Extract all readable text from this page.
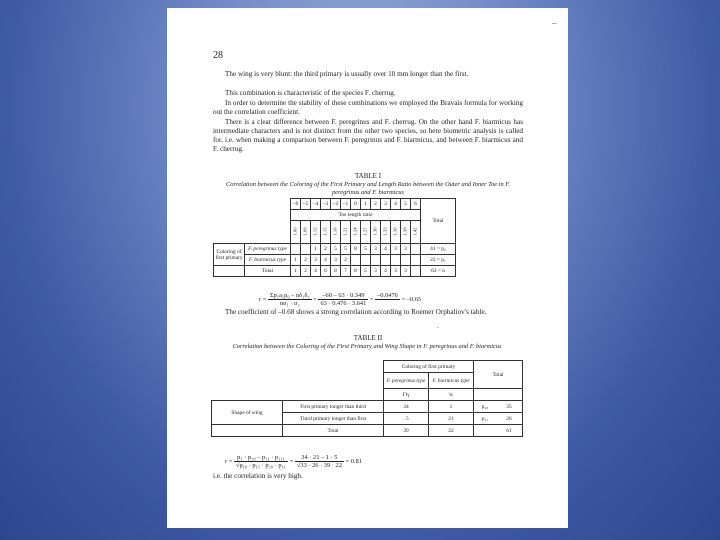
–
28
The wing is very blunt: the third primary is usually over 10 mm longer than the first.
This combination is characteristic of the species F. cherrug.
In order to determine the stability of these combinations we employed the Bravais formula for working out the correlation coefficient.
There is a clear difference between F. peregrinus and F. cherrug. On the other hand F. biarmicus has intermediate characters and is not distinct from the other two species, so here biometric analysis is called for, i.e. when making a comparison between F. peregrinus and F. biarmicus, and between F. biarmicus and F. cherrug.
TABLE I
Correlation between the Coloring of the First Primary and Length Ratio between the Outer and Inner Toe in F. peregrinus and F. biarmicus
		–6	–5	–4	–3	–2	–1	0	1	2	3	4	5	6	Total
		Toe length ratio													
		1.06	1.09	1.12	1.15	1.18	1.21	1.24	1.27	1.30	1.33	1.36	1.39	1.42	
Coloring of first primary	F. peregrinus type			1	2	5	5	8	5	3	4	3	3		41 = p₀
	F. biarmicus type	1	2	3	4	3	2								22 = p₁
	Total	1	2	4	6	8	7	8	5	3	4	3	3		63 = n
$r = \frac{\text{Σp₁a₁p₀ – nδ₁δ₂}}{\text{nσ₁ · σ₂}} = \frac{-60 - 63 \cdot 0.349}{63 \cdot 0.476 \cdot 3.641}$ =
–0.0476

= –0.65
The coefficient of –0.68 shows a strong correlation according to Roemer Orphaliov's table.
.
TABLE II
Correlation between the Coloring of the First Primary and Wing Shape in F. peregrinus and F. biarmicus
		Coloring of first primary		Total	
		F. peregrinus type	F. biarmicus type		
		Γlγ	ls		
Shape of wing	First primary longer than third	34	1	p₁₀	35
	Third primary longer than first	. 5	21	p₁₁	26
	Total	39	22		61
$r = \frac{\text{p₁ · p₂₀ – p₁₁ · p₁₁₁}}{\text{√p₁₀ · p₁₁ · p₂₀ · p₁₁}} = \frac{34 \cdot 21 - 1 \cdot 5}{√33 \cdot 26 \cdot 39 \cdot 22} = 0.81$
i.e. the correlation is very high.
